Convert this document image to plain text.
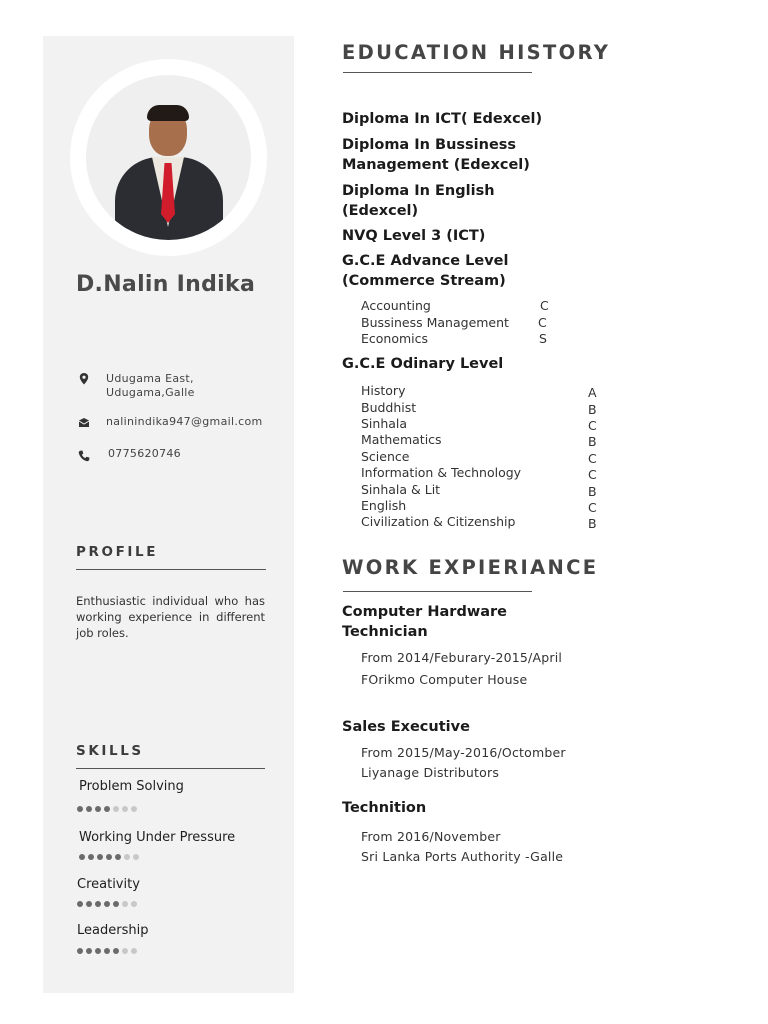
D.Nalin Indika
Udugama East,
Udugama,Galle
nalinindika947@gmail.com
0775620746
PROFILE
Enthusiastic individual who has working experience in different job roles.
SKILLS
Problem Solving
Working Under Pressure
Creativity
Leadership
EDUCATION HISTORY
Diploma In ICT( Edexcel)
Diploma In Bussiness
Management (Edexcel)
Diploma In English
(Edexcel)
NVQ Level 3 (ICT)
G.C.E Advance Level
(Commerce Stream)
Accounting	C
Bussiness Management C
Economics	S
G.C.E Odinary Level
History	A
Buddhist	B
Sinhala	C
Mathematics	B
Science	C
Information & Technology	C
Sinhala & Lit	B
English	C
Civilization & Citizenship	B
WORK EXPIERIANCE
Computer Hardware
Technician
From 2014/Feburary-2015/April
FOrikmo Computer House
Sales Executive
From 2015/May-2016/Octomber
Liyanage Distributors
Technition
From 2016/November
Sri Lanka Ports Authority -Galle
